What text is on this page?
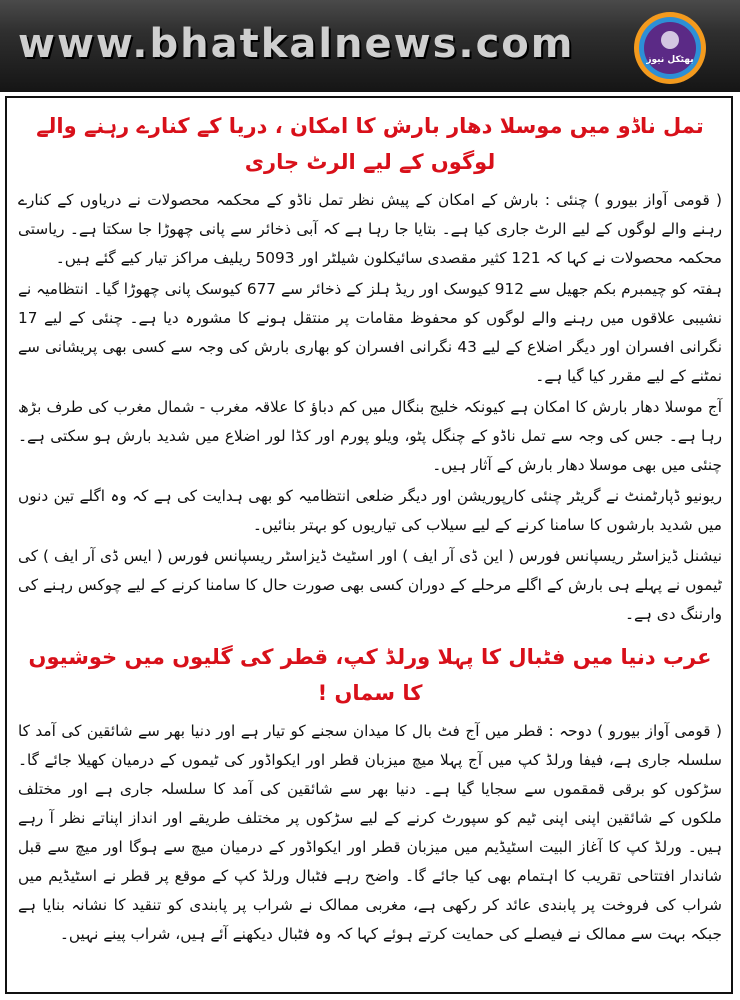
www.bhatkalnews.com	بھٹکل نیوز
تمل ناڈو میں موسلا دھار بارش کا امکان ، دریا کے کنارے رہنے والے لوگوں کے لیے الرٹ جاری

( قومی آواز بیورو ) چنئی : بارش کے امکان کے پیش نظر تمل ناڈو کے محکمہ محصولات نے دریاوں کے کنارے رہنے والے لوگوں کے لیے الرٹ جاری کیا ہے۔ بتایا جا رہا ہے کہ آبی ذخائر سے پانی چھوڑا جا سکتا ہے۔ ریاستی محکمہ محصولات نے کہا کہ 121 کثیر مقصدی سائیکلون شیلٹر اور 5093 ریلیف مراکز تیار کیے گئے ہیں۔

ہفتہ کو چیمبرم بکم جھیل سے 912 کیوسک اور ریڈ ہلز کے ذخائر سے 677 کیوسک پانی چھوڑا گیا۔ انتظامیہ نے نشیبی علاقوں میں رہنے والے لوگوں کو محفوظ مقامات پر منتقل ہونے کا مشورہ دیا ہے۔ چنئی کے لیے 17 نگرانی افسران اور دیگر اضلاع کے لیے 43 نگرانی افسران کو بھاری بارش کی وجہ سے کسی بھی پریشانی سے نمٹنے کے لیے مقرر کیا گیا ہے۔

آج موسلا دھار بارش کا امکان ہے کیونکہ خلیج بنگال میں کم دباؤ کا علاقہ مغرب - شمال مغرب کی طرف بڑھ رہا ہے۔ جس کی وجہ سے تمل ناڈو کے چنگل پٹو، ویلو پورم اور کڈا لور اضلاع میں شدید بارش ہو سکتی ہے۔ چنئی میں بھی موسلا دھار بارش کے آثار ہیں۔

ریونیو ڈپارٹمنٹ نے گریٹر چنئی کارپوریشن اور دیگر ضلعی انتظامیہ کو بھی ہدایت کی ہے کہ وہ اگلے تین دنوں میں شدید بارشوں کا سامنا کرنے کے لیے سیلاب کی تیاریوں کو بہتر بنائیں۔

نیشنل ڈیزاسٹر ریسپانس فورس ( این ڈی آر ایف ) اور اسٹیٹ ڈیزاسٹر ریسپانس فورس ( ایس ڈی آر ایف ) کی ٹیموں نے پہلے ہی بارش کے اگلے مرحلے کے دوران کسی بھی صورت حال کا سامنا کرنے کے لیے چوکس رہنے کی وارننگ دی ہے۔

عرب دنیا میں فٹبال کا پہلا ورلڈ کپ، قطر کی گلیوں میں خوشیوں کا سماں !

( قومی آواز بیورو ) دوحہ : قطر میں آج فٹ بال کا میدان سجنے کو تیار ہے اور دنیا بھر سے شائقین کی آمد کا سلسلہ جاری ہے، فیفا ورلڈ کپ میں آج پہلا میچ میزبان قطر اور ایکواڈور کی ٹیموں کے درمیان کھیلا جائے گا۔ سڑکوں کو برقی قمقموں سے سجایا گیا ہے۔ دنیا بھر سے شائقین کی آمد کا سلسلہ جاری ہے اور مختلف ملکوں کے شائقین اپنی اپنی ٹیم کو سپورٹ کرنے کے لیے سڑکوں پر مختلف طریقے اور انداز اپناتے نظر آ رہے ہیں۔ ورلڈ کپ کا آغاز البیت اسٹیڈیم میں میزبان قطر اور ایکواڈور کے درمیان میچ سے ہوگا اور میچ سے قبل شاندار افتتاحی تقریب کا اہتمام بھی کیا جائے گا۔ واضح رہے فٹبال ورلڈ کپ کے موقع پر قطر نے اسٹیڈیم میں شراب کی فروخت پر پابندی عائد کر رکھی ہے، مغربی ممالک نے شراب پر پابندی کو تنقید کا نشانہ بنایا ہے جبکہ بہت سے ممالک نے فیصلے کی حمایت کرتے ہوئے کہا کہ وہ فٹبال دیکھنے آئے ہیں، شراب پینے نہیں۔
